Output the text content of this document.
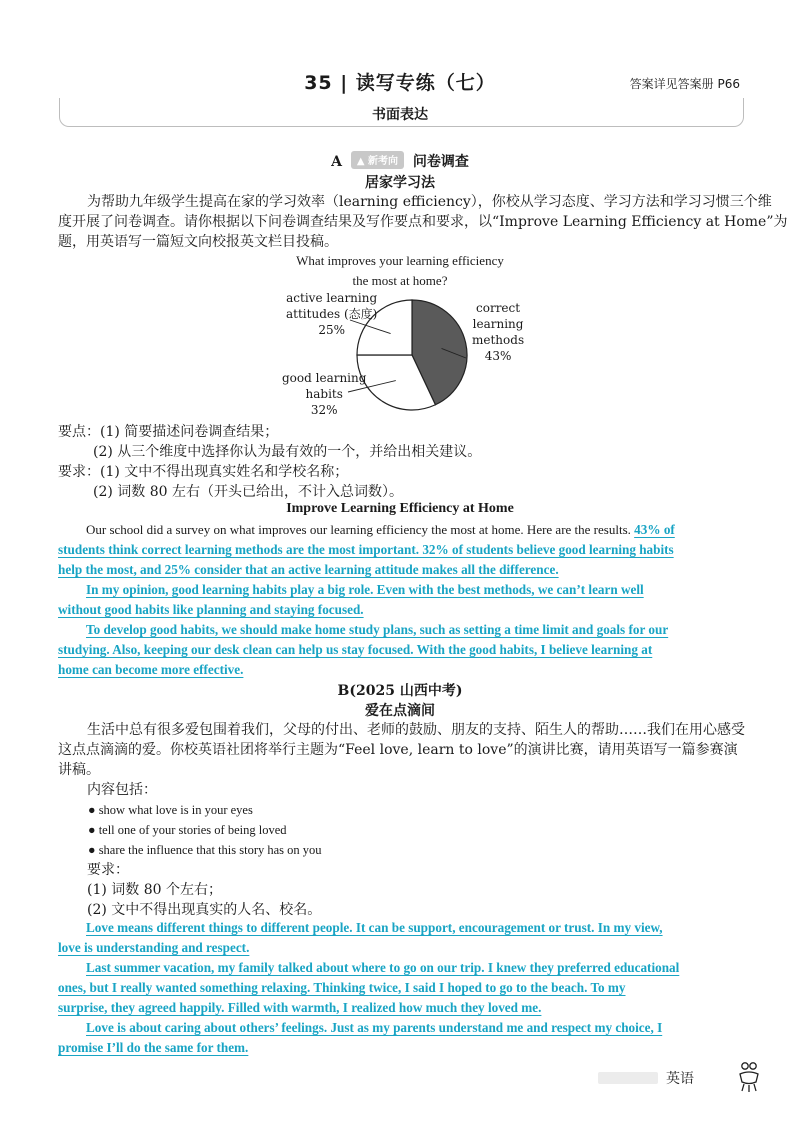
35 | 读写专练（七）	答案详见答案册 P66
书面表达
A ▲ 新考向 问卷调查
居家学习法
为帮助九年级学生提高在家的学习效率（learning efficiency），你校从学习态度、学习方法和学习习惯三个维
度开展了问卷调查。请你根据以下问卷调查结果及写作要点和要求，以“Improve Learning Efficiency at Home”为
题，用英语写一篇短文向校报英文栏目投稿。
What improves your learning efficiency
the most at home?
active learning
attitudes (态度)
25%
correct
learning
methods
43%
good learning
habits
32%
要点：(1) 简要描述问卷调查结果；
(2) 从三个维度中选择你认为最有效的一个，并给出相关建议。
要求：(1) 文中不得出现真实姓名和学校名称；
(2) 词数 80 左右（开头已给出，不计入总词数）。
Improve Learning Efficiency at Home
Our school did a survey on what improves our learning efficiency the most at home. Here are the results. 43% of

students think correct learning methods are the most important. 32% of students believe good learning habits

help the most, and 25% consider that an active learning attitude makes all the difference.

In my opinion, good learning habits play a big role. Even with the best methods, we can’t learn well

without good habits like planning and staying focused.

To develop good habits, we should make home study plans, such as setting a time limit and goals for our

studying. Also, keeping our desk clean can help us stay focused. With the good habits, I believe learning at

home can become more effective.

B(2025 山西中考)
爱在点滴间
生活中总有很多爱包围着我们，父母的付出、老师的鼓励、朋友的支持、陌生人的帮助……我们在用心感受
这点点滴滴的爱。你校英语社团将举行主题为“Feel love, learn to love”的演讲比赛，请用英语写一篇参赛演
讲稿。
内容包括：
● show what love is in your eyes
● tell one of your stories of being loved
● share the influence that this story has on you
要求：
(1) 词数 80 个左右；
(2) 文中不得出现真实的人名、校名。

Love means different things to different people. It can be support, encouragement or trust. In my view,

love is understanding and respect.

Last summer vacation, my family talked about where to go on our trip. I knew they preferred educational

ones, but I really wanted something relaxing. Thinking twice, I said I hoped to go to the beach. To my

surprise, they agreed happily. Filled with warmth, I realized how much they loved me.

Love is about caring about others’ feelings. Just as my parents understand me and respect my choice, I

promise I’ll do the same for them.

英语
